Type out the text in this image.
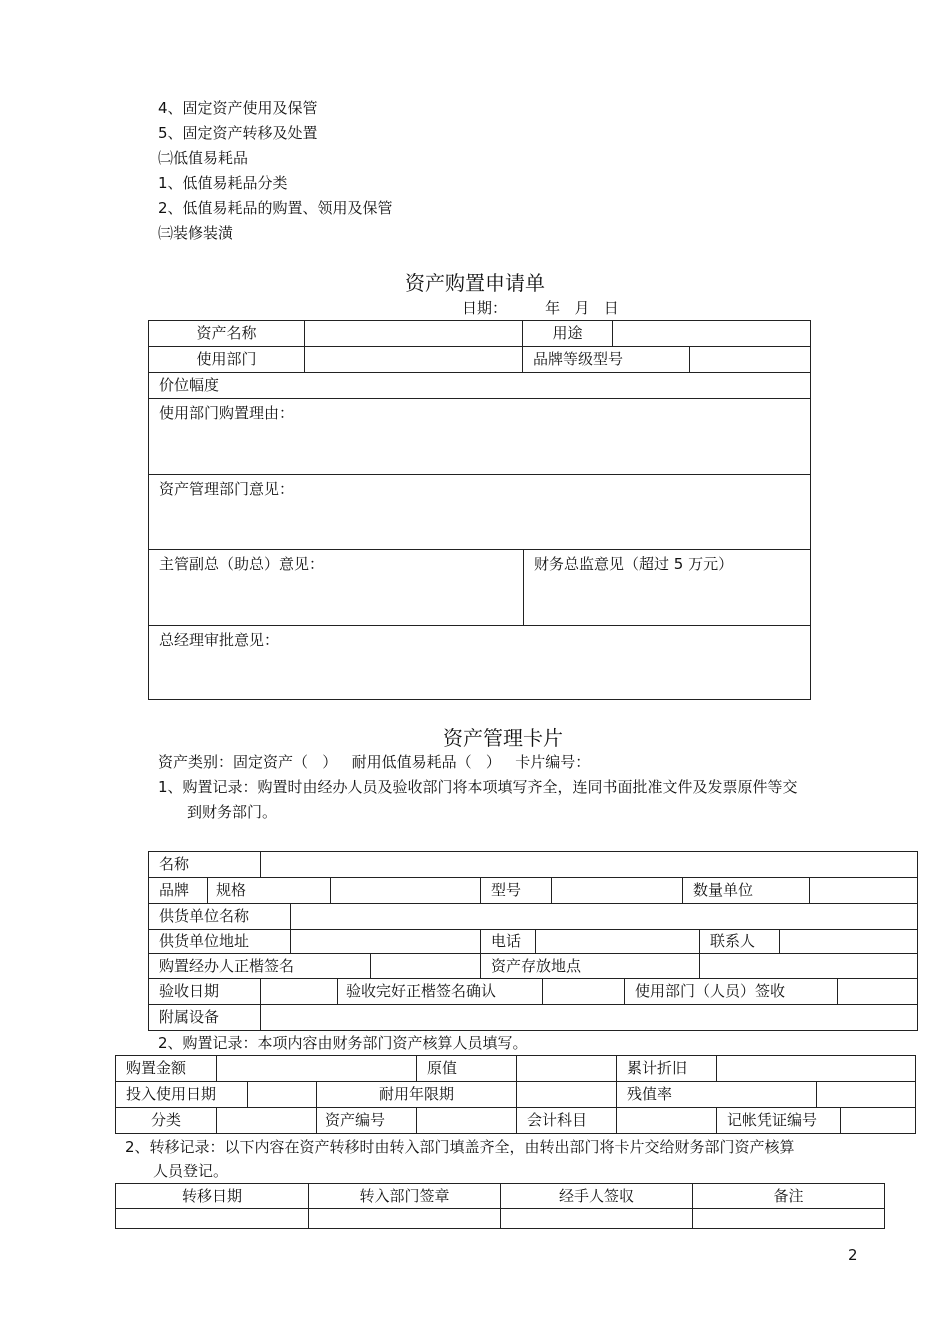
4、固定资产使用及保管
5、固定资产转移及处置
㈡低值易耗品
1、低值易耗品分类
2、低值易耗品的购置、领用及保管
㈢装修装潢
资产购置申请单
日期：        年   月   日
资产名称	用途
使用部门	品牌等级型号
价位幅度
使用部门购置理由：
资产管理部门意见：
主管副总（助总）意见：	财务总监意见（超过 5 万元）
总经理审批意见：
资产管理卡片
资产类别：固定资产（   ）   耐用低值易耗品（   ）   卡片编号：
1、购置记录：购置时由经办人员及验收部门将本项填写齐全，连同书面批准文件及发票原件等交
到财务部门。
名称
品牌	规格	型号	数量单位
供货单位名称
供货单位地址	电话	联系人
购置经办人正楷签名	资产存放地点
验收日期	验收完好正楷签名确认	使用部门（人员）签收
附属设备
2、购置记录：本项内容由财务部门资产核算人员填写。
购置金额	原值	累计折旧
投入使用日期	耐用年限期	残值率
分类	资产编号	会计科目	记帐凭证编号
2、转移记录：以下内容在资产转移时由转入部门填盖齐全，由转出部门将卡片交给财务部门资产核算
人员登记。
转移日期	转入部门签章	经手人签収	备注
2
